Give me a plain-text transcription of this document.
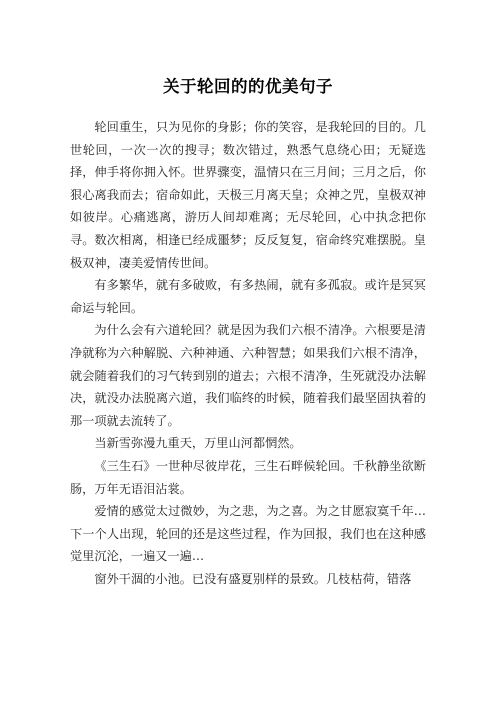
关于轮回的的优美句子

轮回重生，只为见你的身影；你的笑容，是我轮回的目的。几世轮回，一次一次的搜寻；数次错过，熟悉气息绕心田；无疑选择，伸手将你拥入怀。世界骤变，温情只在三月间；三月之后，你狠心离我而去；宿命如此，天极三月离天皇；众神之咒，皇极双神如彼岸。心痛逃离，游历人间却难离；无尽轮回，心中执念把你寻。数次相离，相逢已经成噩梦；反反复复，宿命终究难摆脱。皇极双神，凄美爱情传世间。

有多繁华，就有多破败，有多热闹，就有多孤寂。或许是冥冥命运与轮回。

为什么会有六道轮回？就是因为我们六根不清净。六根要是清净就称为六种解脱、六种神通、六种智慧；如果我们六根不清净，就会随着我们的习气转到别的道去；六根不清净，生死就没办法解决，就没办法脱离六道，我们临终的时候，随着我们最坚固执着的那一项就去流转了。

当新雪弥漫九重天，万里山河都惘然。

《三生石》一世种尽彼岸花，三生石畔候轮回。千秋静坐欲断肠，万年无语泪沾裳。

爱情的感觉太过微妙，为之悲，为之喜。为之甘愿寂寞千年…下一个人出现，轮回的还是这些过程，作为回报，我们也在这种感觉里沉沦，一遍又一遍…

窗外干涸的小池。已没有盛夏别样的景致。几枝枯荷，错落
